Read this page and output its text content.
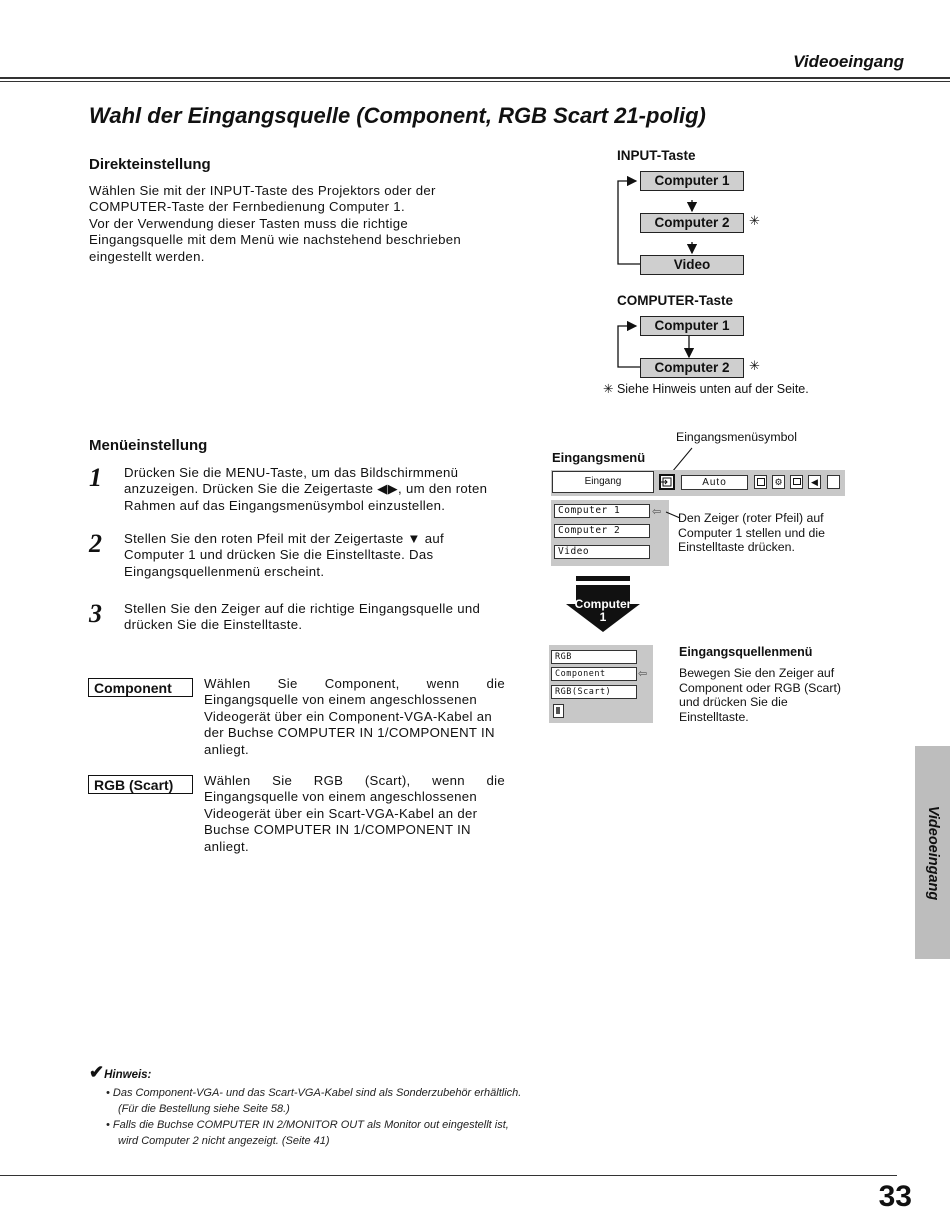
Videoeingang
Wahl der Eingangsquelle (Component, RGB Scart 21-polig)
Direkteinstellung
Wählen Sie mit der INPUT-Taste des Projektors oder der
COMPUTER-Taste der Fernbedienung Computer 1.
Vor der Verwendung dieser Tasten muss die richtige
Eingangsquelle mit dem Menü wie nachstehend beschrieben
eingestellt werden.
INPUT-Taste
Computer 1
Computer 2	✳
Video
COMPUTER-Taste
Computer 1
Computer 2	✳
✳ Siehe Hinweis unten auf der Seite.
Menüeinstellung
1 Drücken Sie die MENU-Taste, um das Bildschirmmenü
anzuzeigen. Drücken Sie die Zeigertaste ◀▶, um den roten
Rahmen auf das Eingangsmenüsymbol einzustellen.
2 Stellen Sie den roten Pfeil mit der Zeigertaste ▼ auf
Computer 1 und drücken Sie die Einstelltaste. Das
Eingangsquellenmenü erscheint.
3 Stellen Sie den Zeiger auf die richtige Eingangsquelle und
drücken Sie die Einstelltaste.
Component	Wählen Sie Component, wenn die
Eingangsquelle von einem angeschlossenen
Videogerät über ein Component-VGA-Kabel an
der Buchse COMPUTER IN 1/COMPONENT IN
anliegt.
RGB (Scart)	Wählen Sie RGB (Scart), wenn die
Eingangsquelle von einem angeschlossenen
Videogerät über ein Scart-VGA-Kabel an der
Buchse COMPUTER IN 1/COMPONENT IN
anliegt.
Eingangsmenüsymbol
Eingangsmenü
Eingang	Auto	⚙	◀
Computer 1
Computer 2
Video
⇦ Den Zeiger (roter Pfeil) auf
Computer 1 stellen und die
Einstelltaste drücken.
Computer
1
RGB
Component
RGB(Scart)
⇦
Eingangsquellenmenü
Bewegen Sie den Zeiger auf
Component oder RGB (Scart)
und drücken Sie die
Einstelltaste.
Videoeingang
✔ Hinweis:
• Das Component-VGA- und das Scart-VGA-Kabel sind als Sonderzubehör erhältlich.
(Für die Bestellung siehe Seite 58.)
• Falls die Buchse COMPUTER IN 2/MONITOR OUT als Monitor out eingestellt ist,
wird Computer 2 nicht angezeigt. (Seite 41)
33
